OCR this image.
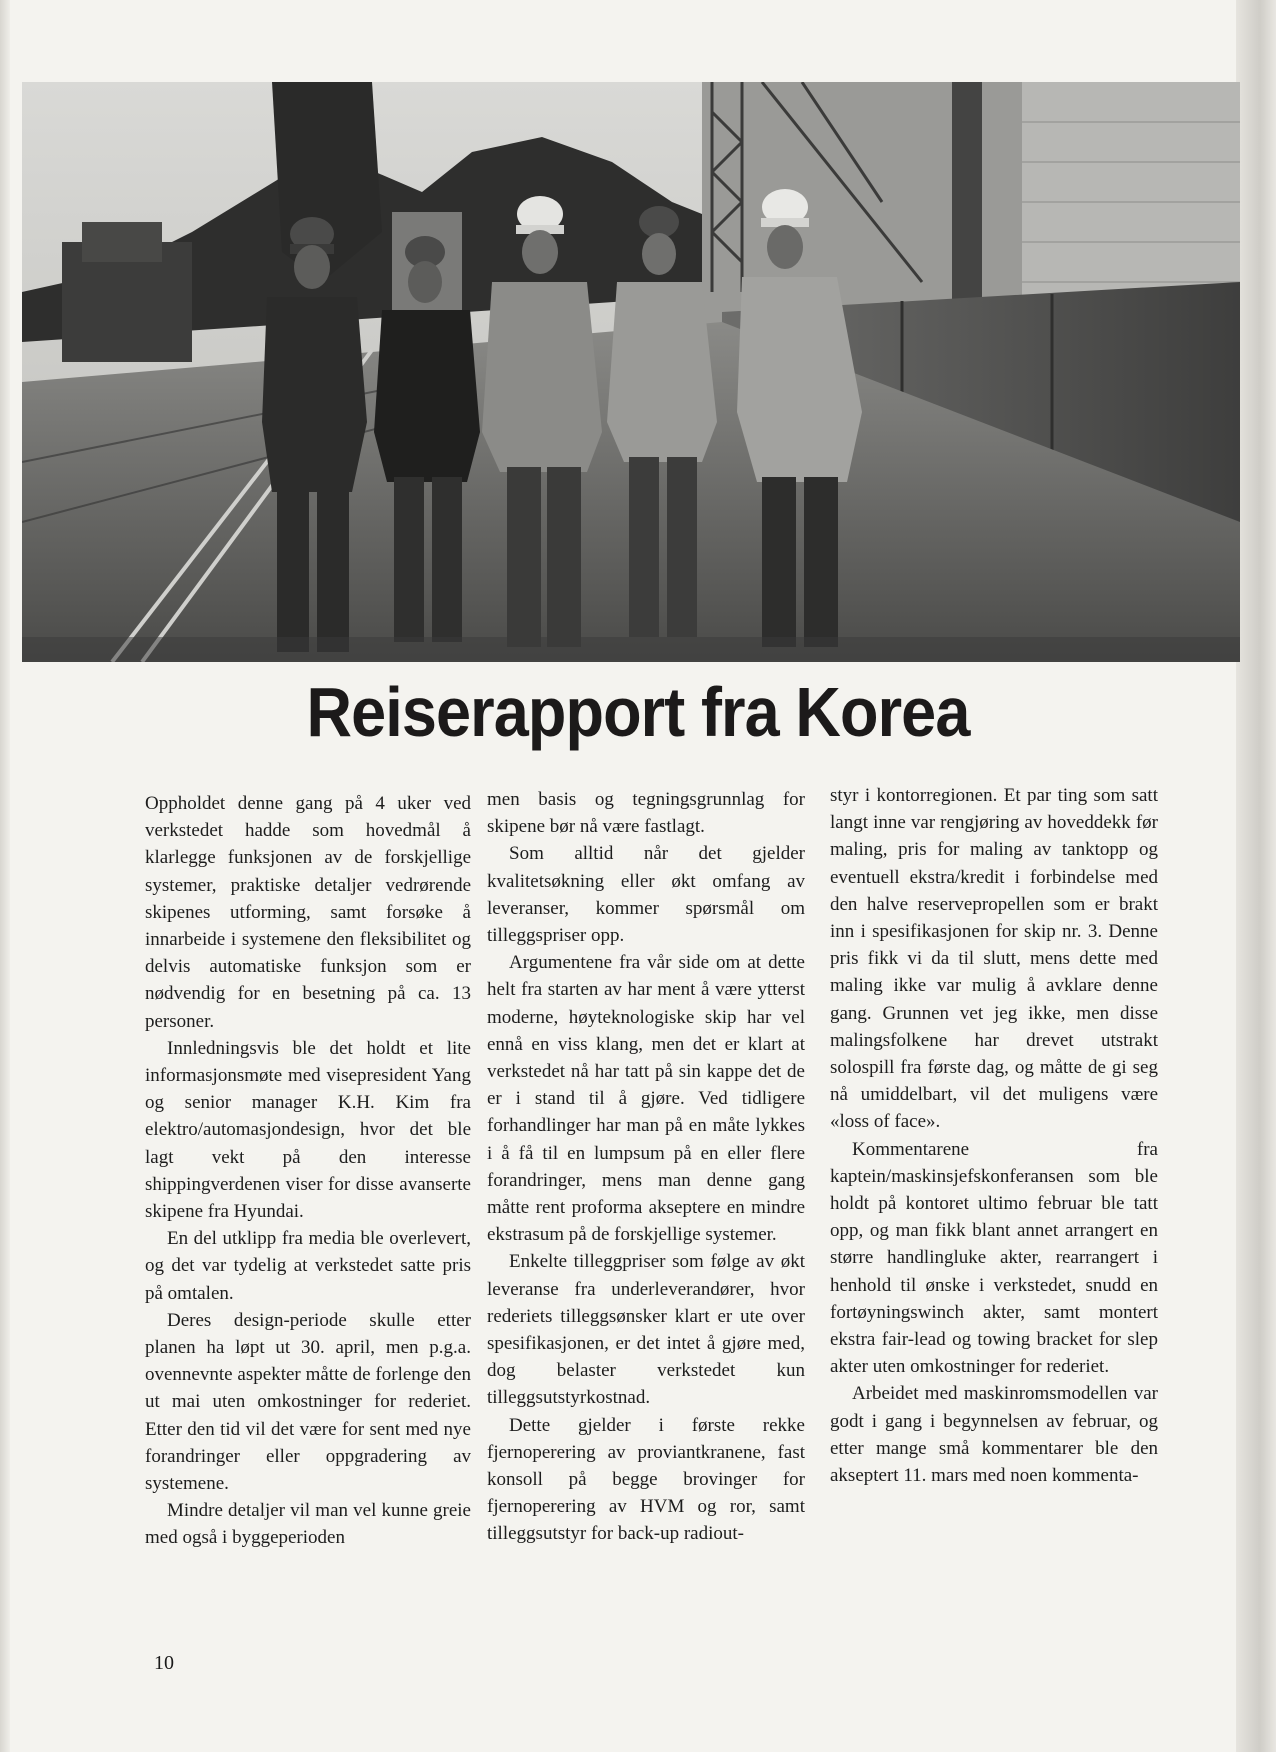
Reiserapport fra Korea

Oppholdet denne gang på 4 uker ved verkstedet hadde som hovedmål å klarlegge funksjonen av de forskjellige systemer, praktiske detaljer vedrørende skipenes utforming, samt forsøke å innarbeide i systemene den fleksibilitet og delvis automatiske funksjon som er nødvendig for en besetning på ca. 13 personer.

Innledningsvis ble det holdt et lite informasjonsmøte med visepresident Yang og senior manager K.H. Kim fra elektro/automasjondesign, hvor det ble lagt vekt på den interesse shippingverdenen viser for disse avanserte skipene fra Hyundai.

En del utklipp fra media ble overlevert, og det var tydelig at verkstedet satte pris på omtalen.

Deres design-periode skulle etter planen ha løpt ut 30. april, men p.g.a. ovennevnte aspekter måtte de forlenge den ut mai uten omkostninger for rederiet. Etter den tid vil det være for sent med nye forandringer eller oppgradering av systemene.

Mindre detaljer vil man vel kunne greie med også i byggeperioden

men basis og tegningsgrunnlag for skipene bør nå være fastlagt.

Som alltid når det gjelder kvalitetsøkning eller økt omfang av leveranser, kommer spørsmål om tilleggspriser opp.

Argumentene fra vår side om at dette helt fra starten av har ment å være ytterst moderne, høyteknologiske skip har vel ennå en viss klang, men det er klart at verkstedet nå har tatt på sin kappe det de er i stand til å gjøre. Ved tidligere forhandlinger har man på en måte lykkes i å få til en lumpsum på en eller flere forandringer, mens man denne gang måtte rent proforma akseptere en mindre ekstrasum på de forskjellige systemer.

Enkelte tilleggpriser som følge av økt leveranse fra underleverandører, hvor rederiets tilleggsønsker klart er ute over spesifikasjonen, er det intet å gjøre med, dog belaster verkstedet kun tilleggsutstyrkostnad.

Dette gjelder i første rekke fjernoperering av proviantkranene, fast konsoll på begge brovinger for fjernoperering av HVM og ror, samt tilleggsutstyr for back-up radiout-

styr i kontorregionen. Et par ting som satt langt inne var rengjøring av hoveddekk før maling, pris for maling av tanktopp og eventuell ekstra/kredit i forbindelse med den halve reservepropellen som er brakt inn i spesifikasjonen for skip nr. 3. Denne pris fikk vi da til slutt, mens dette med maling ikke var mulig å avklare denne gang. Grunnen vet jeg ikke, men disse malingsfolkene har drevet utstrakt solospill fra første dag, og måtte de gi seg nå umiddelbart, vil det muligens være «loss of face».

Kommentarene fra kaptein/maskinsjefskonferansen som ble holdt på kontoret ultimo februar ble tatt opp, og man fikk blant annet arrangert en større handlingluke akter, rearrangert i henhold til ønske i verkstedet, snudd en fortøyningswinch akter, samt montert ekstra fair-lead og towing bracket for slep akter uten omkostninger for rederiet.

Arbeidet med maskinromsmodellen var godt i gang i begynnelsen av februar, og etter mange små kommentarer ble den akseptert 11. mars med noen kommenta-

10
